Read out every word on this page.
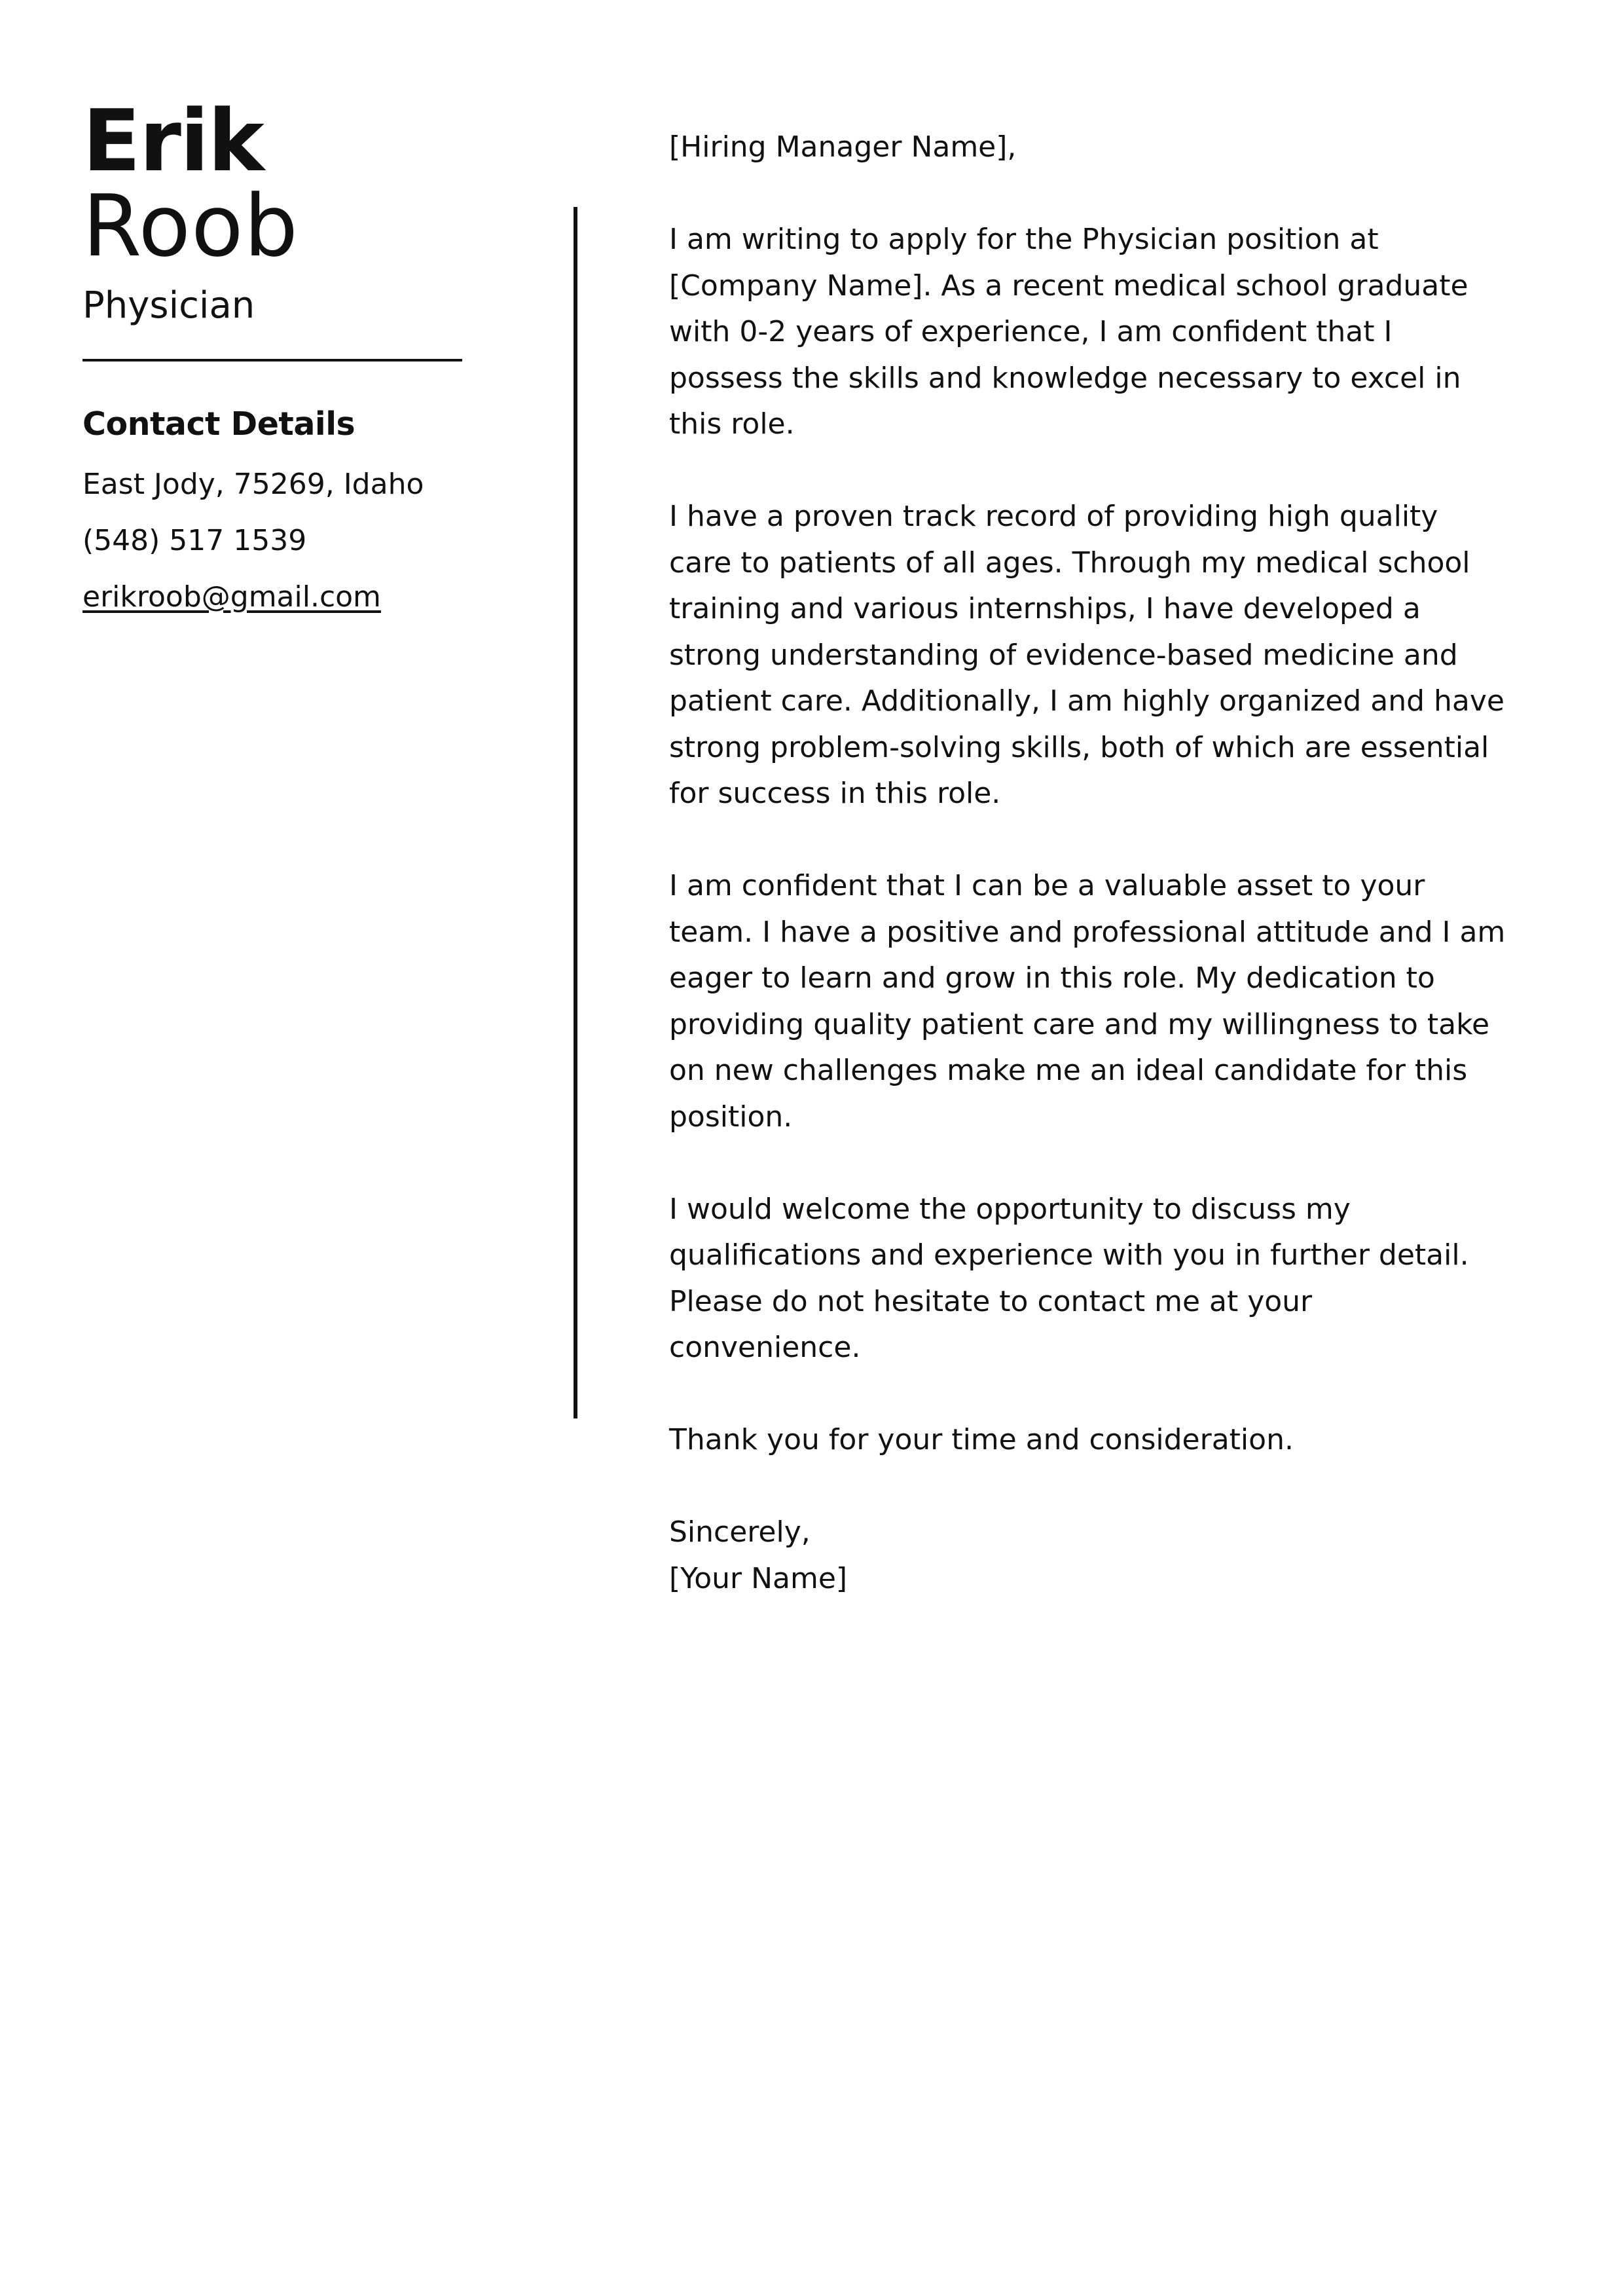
Erik
Roob
Physician
Contact Details
East Jody, 75269, Idaho
(548) 517 1539
erikroob@gmail.com

[Hiring Manager Name],

I am writing to apply for the Physician position at [Company Name]. As a recent medical school graduate with 0-2 years of experience, I am confident that I possess the skills and knowledge necessary to excel in this role.

I have a proven track record of providing high quality care to patients of all ages. Through my medical school training and various internships, I have developed a strong understanding of evidence-based medicine and patient care. Additionally, I am highly organized and have strong problem-solving skills, both of which are essential for success in this role.

I am confident that I can be a valuable asset to your team. I have a positive and professional attitude and I am eager to learn and grow in this role. My dedication to providing quality patient care and my willingness to take on new challenges make me an ideal candidate for this position.

I would welcome the opportunity to discuss my qualifications and experience with you in further detail. Please do not hesitate to contact me at your convenience.

Thank you for your time and consideration.

Sincerely,

[Your Name]
